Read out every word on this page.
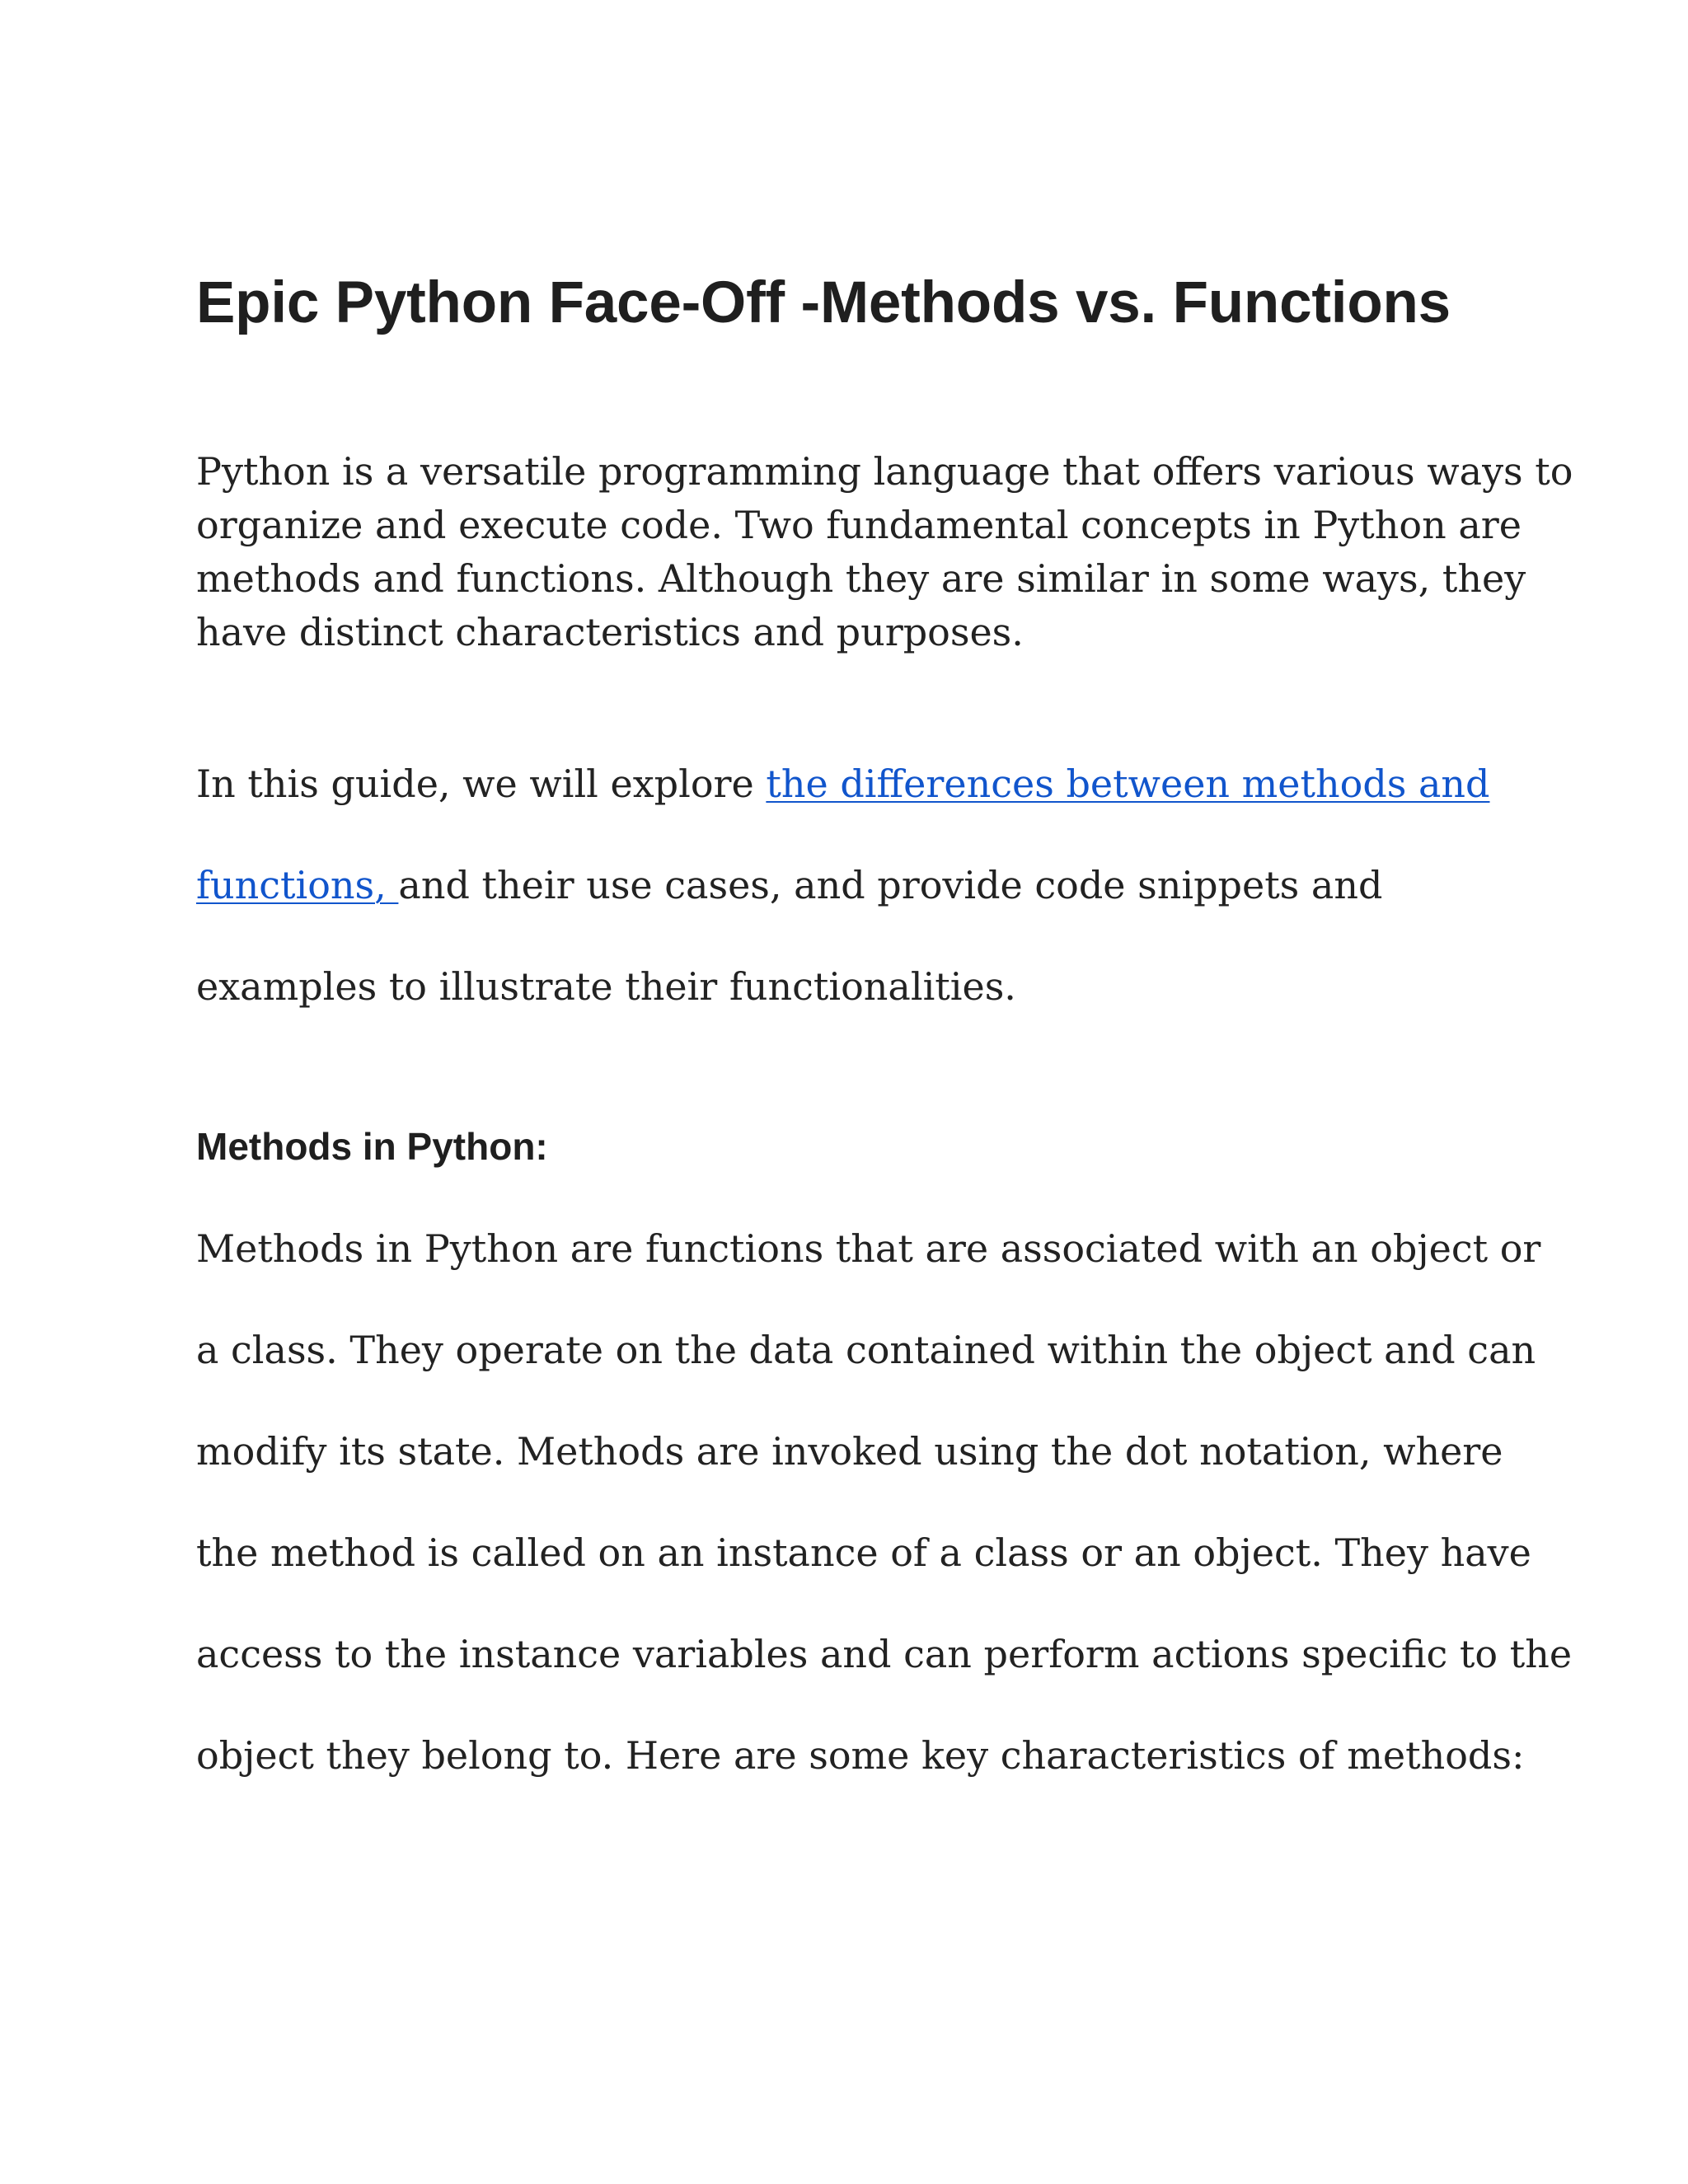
Epic Python Face-Off -Methods vs. Functions

Python is a versatile programming language that offers various ways to
organize and execute code. Two fundamental concepts in Python are
methods and functions. Although they are similar in some ways, they
have distinct characteristics and purposes.

In this guide, we will explore the differences between methods and
functions, and their use cases, and provide code snippets and
examples to illustrate their functionalities.

Methods in Python:

Methods in Python are functions that are associated with an object or
a class. They operate on the data contained within the object and can
modify its state. Methods are invoked using the dot notation, where
the method is called on an instance of a class or an object. They have
access to the instance variables and can perform actions specific to the
object they belong to. Here are some key characteristics of methods:
